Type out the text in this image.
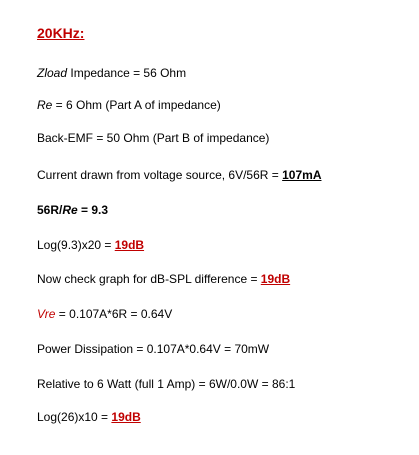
20KHz:
Zload Impedance = 56 Ohm
Re = 6 Ohm (Part A of impedance)
Back-EMF = 50 Ohm (Part B of impedance)
Current drawn from voltage source, 6V/56R = 107mA
56R/Re = 9.3
Log(9.3)x20 = 19dB
Now check graph for dB-SPL difference = 19dB
Vre = 0.107A*6R = 0.64V
Power Dissipation = 0.107A*0.64V = 70mW
Relative to 6 Watt (full 1 Amp) = 6W/0.0W = 86:1
Log(26)x10 = 19dB
